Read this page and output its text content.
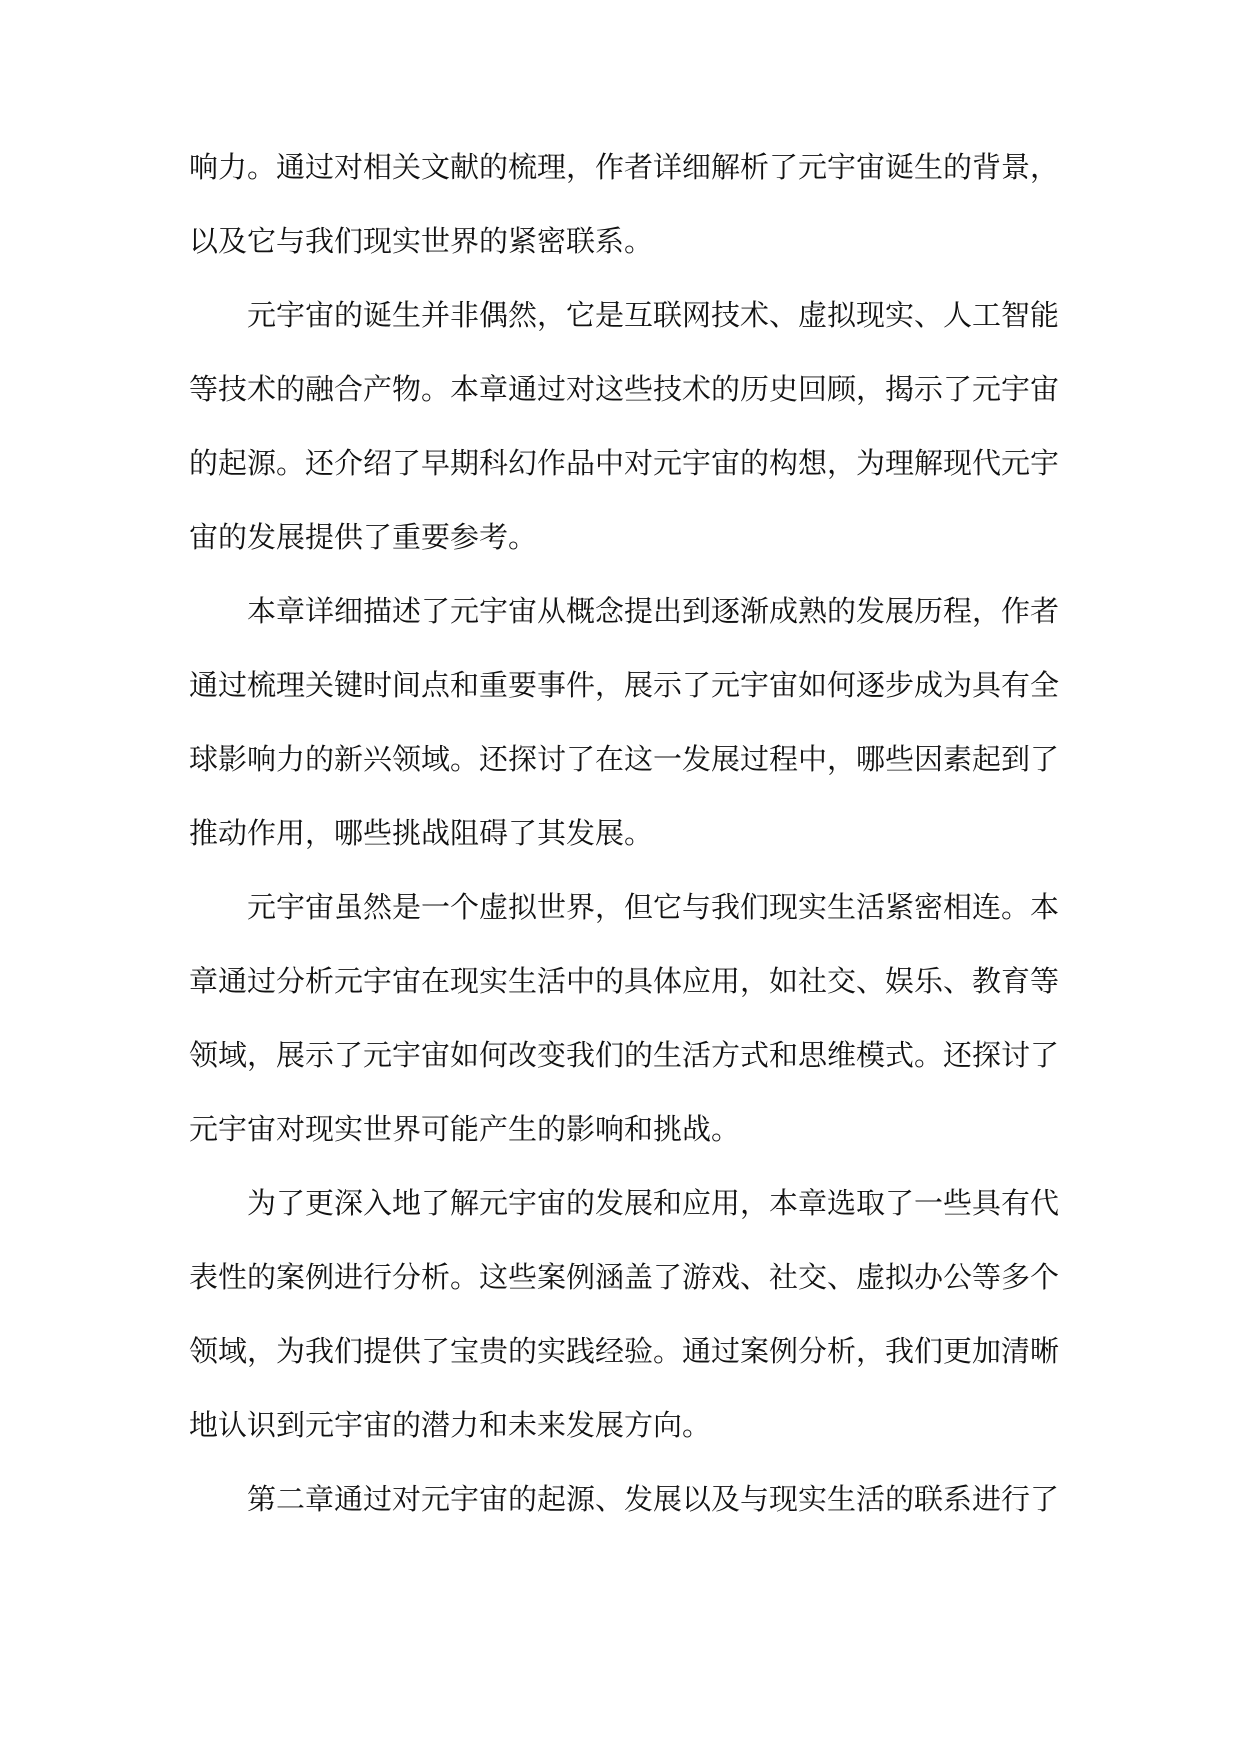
响力。通过对相关文献的梳理，作者详细解析了元宇宙诞生的背景，
以及它与我们现实世界的紧密联系。
元宇宙的诞生并非偶然，它是互联网技术、虚拟现实、人工智能
等技术的融合产物。本章通过对这些技术的历史回顾，揭示了元宇宙
的起源。还介绍了早期科幻作品中对元宇宙的构想，为理解现代元宇
宙的发展提供了重要参考。
本章详细描述了元宇宙从概念提出到逐渐成熟的发展历程，作者
通过梳理关键时间点和重要事件，展示了元宇宙如何逐步成为具有全
球影响力的新兴领域。还探讨了在这一发展过程中，哪些因素起到了
推动作用，哪些挑战阻碍了其发展。
元宇宙虽然是一个虚拟世界，但它与我们现实生活紧密相连。本
章通过分析元宇宙在现实生活中的具体应用，如社交、娱乐、教育等
领域，展示了元宇宙如何改变我们的生活方式和思维模式。还探讨了
元宇宙对现实世界可能产生的影响和挑战。
为了更深入地了解元宇宙的发展和应用，本章选取了一些具有代
表性的案例进行分析。这些案例涵盖了游戏、社交、虚拟办公等多个
领域，为我们提供了宝贵的实践经验。通过案例分析，我们更加清晰
地认识到元宇宙的潜力和未来发展方向。
第二章通过对元宇宙的起源、发展以及与现实生活的联系进行了
